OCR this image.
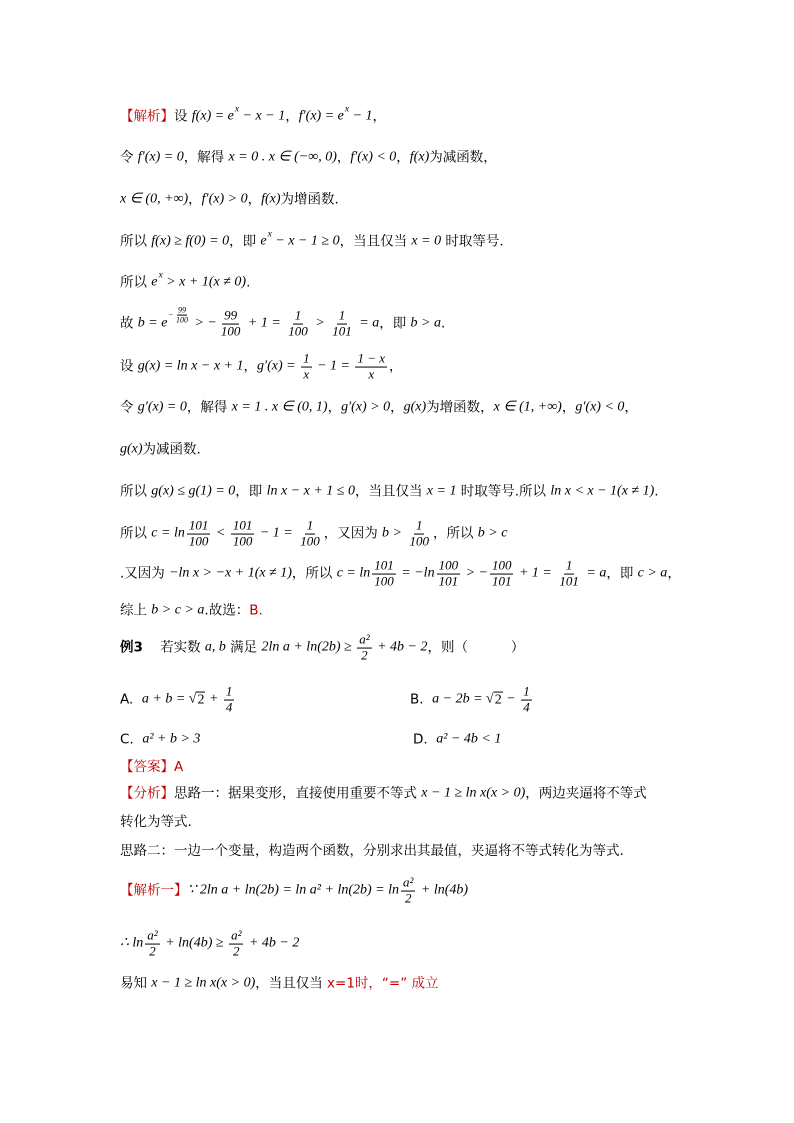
【解析】 设 f(x) = e x − x − 1 ， f′(x) = e x − 1 ，
令 f′(x) = 0 ，解得 x = 0 . x ∈ (−∞, 0) ， f′(x) < 0 ， f(x) 为减函数，
x ∈ (0, +∞) ， f′(x) > 0 ， f(x) 为增函数.
所以 f(x) ≥ f(0) = 0 ，即 e x − x − 1 ≥ 0 ，当且仅当 x = 0 时取等号.
所以 e x > x + 1(x ≠ 0) .
故 b = e
− $\frac{99}{100}$ > − $\frac{99}{100} + 1 = \frac{1}{100} > \frac{1}{101} = a$ ，即 b > a .
设 g(x) = ln x − x + 1 ， $g'(x) = \frac{1}{x} - 1 = \frac{1 - x}{x}$ ，
令 g′(x) = 0 ，解得 x = 1 . x ∈ (0, 1) ， g′(x) > 0 ， g(x) 为增函数， x ∈ (1, +∞) ， g′(x) < 0 ，
g(x) 为减函数.
所以 g(x) ≤ g(1) = 0 ，即 ln x − x + 1 ≤ 0 ，当且仅当 x = 1 时取等号.所以 ln x < x − 1(x ≠ 1) .
所以 $c = \ln \frac{101}{100} < \frac{101}{100} - 1 = \frac{1}{100}$ ，又因为 $b > \frac{1}{100}$ ，所以 b > c
.又因为 −ln x > −x + 1(x ≠ 1) ，所以 $c = \ln \frac{101}{100} = -\ln \frac{100}{101}$ > − $\frac{100}{101} + 1 = \frac{1}{101} = a$ ，即 c > a ，
综上 b > c > a .故选： B.
例3 若实数 a, b 满足 2ln $a + \ln(2b) \ge \frac{\text{a²}}{2} + 4b - 2$ ，则（          ）
A. a + b = √ $2 + \frac{1}{4}$	B. a − 2b = √ $2 - \frac{1}{4}$
C. a² + b > 3	D. a² − 4b < 1
【答案】A
【分析】 思路一：据果变形，直接使用重要不等式 x − 1 ≥ ln x(x > 0) ，两边夹逼将不等式
转化为等式.
思路二：一边一个变量，构造两个函数，分别求出其最值，夹逼将不等式转化为等式.
【解析一】 ∵ 2ln $a + \ln(2b) = \ln a^2 + \ln(2b) = \ln \frac{\text{a²}}{2} + \ln(4b)$
∴ $\ln \frac{\text{a²}}{2} + \ln(4b) \ge \frac{\text{a²}}{2} + 4b - 2$
易知 x − 1 ≥ ln x(x > 0) ，当且仅当 x=1时，“=” 成立
